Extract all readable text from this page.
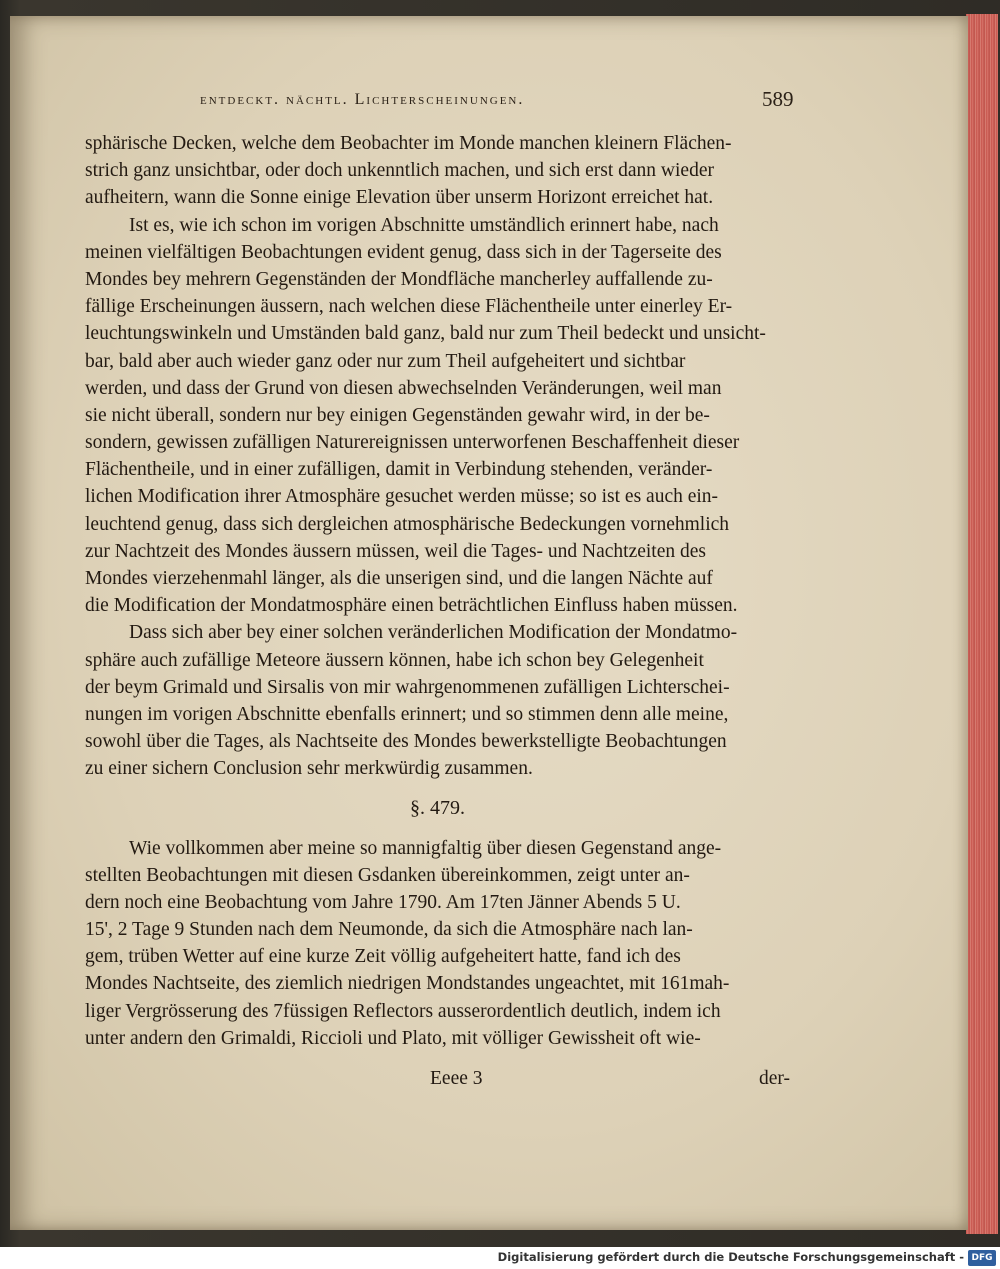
entdeckt. nächtl. Lichterscheinungen.	589
sphärische Decken, welche dem Beobachter im Monde manchen kleinern Flächen-
strich ganz unsichtbar, oder doch unkenntlich machen, und sich erst dann wieder
aufheitern, wann die Sonne einige Elevation über unserm Horizont erreichet hat.
Ist es, wie ich schon im vorigen Abschnitte umständlich erinnert habe, nach
meinen vielfältigen Beobachtungen evident genug, dass sich in der Tagerseite des
Mondes bey mehrern Gegenständen der Mondfläche mancherley auffallende zu-
fällige Erscheinungen äussern, nach welchen diese Flächentheile unter einerley Er-
leuchtungswinkeln und Umständen bald ganz, bald nur zum Theil bedeckt und unsicht-
bar, bald aber auch wieder ganz oder nur zum Theil aufgeheitert und sichtbar
werden, und dass der Grund von diesen abwechselnden Veränderungen, weil man
sie nicht überall, sondern nur bey einigen Gegenständen gewahr wird, in der be-
sondern, gewissen zufälligen Naturereignissen unterworfenen Beschaffenheit dieser
Flächentheile, und in einer zufälligen, damit in Verbindung stehenden, veränder-
lichen Modification ihrer Atmosphäre gesuchet werden müsse; so ist es auch ein-
leuchtend genug, dass sich dergleichen atmosphärische Bedeckungen vornehmlich
zur Nachtzeit des Mondes äussern müssen, weil die Tages- und Nachtzeiten des
Mondes vierzehenmahl länger, als die unserigen sind, und die langen Nächte auf
die Modification der Mondatmosphäre einen beträchtlichen Einfluss haben müssen.
Dass sich aber bey einer solchen veränderlichen Modification der Mondatmo-
sphäre auch zufällige Meteore äussern können, habe ich schon bey Gelegenheit
der beym Grimald und Sirsalis von mir wahrgenommenen zufälligen Lichterschei-
nungen im vorigen Abschnitte ebenfalls erinnert; und so stimmen denn alle meine,
sowohl über die Tages, als Nachtseite des Mondes bewerkstelligte Beobachtungen
zu einer sichern Conclusion sehr merkwürdig zusammen.
§. 479.
Wie vollkommen aber meine so mannigfaltig über diesen Gegenstand ange-
stellten Beobachtungen mit diesen Gsdanken übereinkommen, zeigt unter an-
dern noch eine Beobachtung vom Jahre 1790. Am 17ten Jänner Abends 5 U.
15', 2 Tage 9 Stunden nach dem Neumonde, da sich die Atmosphäre nach lan-
gem, trüben Wetter auf eine kurze Zeit völlig aufgeheitert hatte, fand ich des
Mondes Nachtseite, des ziemlich niedrigen Mondstandes ungeachtet, mit 161mah-
liger Vergrösserung des 7füssigen Reflectors ausserordentlich deutlich, indem ich
unter andern den Grimaldi, Riccioli und Plato, mit völliger Gewissheit oft wie-
Eeee 3	der-
Digitalisierung gefördert durch die Deutsche Forschungsgemeinschaft - DFG
